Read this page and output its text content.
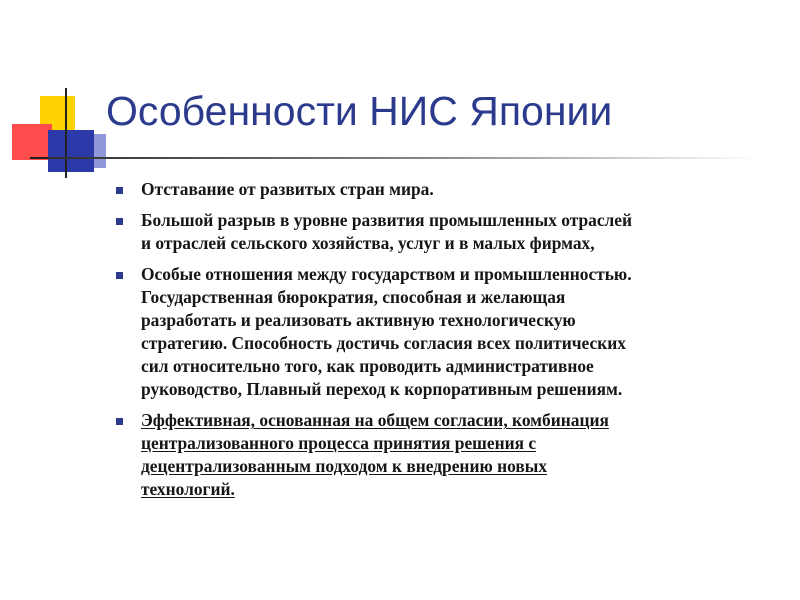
Особенности НИС Японии
Отставание от развитых стран мира.
Большой разрыв в уровне развития промышленных отраслей
и отраслей сельского хозяйства, услуг и в малых фирмах,
Особые отношения между государством и промышленностью.
Государственная бюрократия, способная и желающая
разработать и реализовать активную технологическую
стратегию. Способность достичь согласия всех политических
сил относительно того, как проводить административное
руководство, Плавный переход к корпоративным решениям.
Эффективная, основанная на общем согласии, комбинация
централизованного процесса принятия решения с
децентрализованным подходом к внедрению новых
технологий.
